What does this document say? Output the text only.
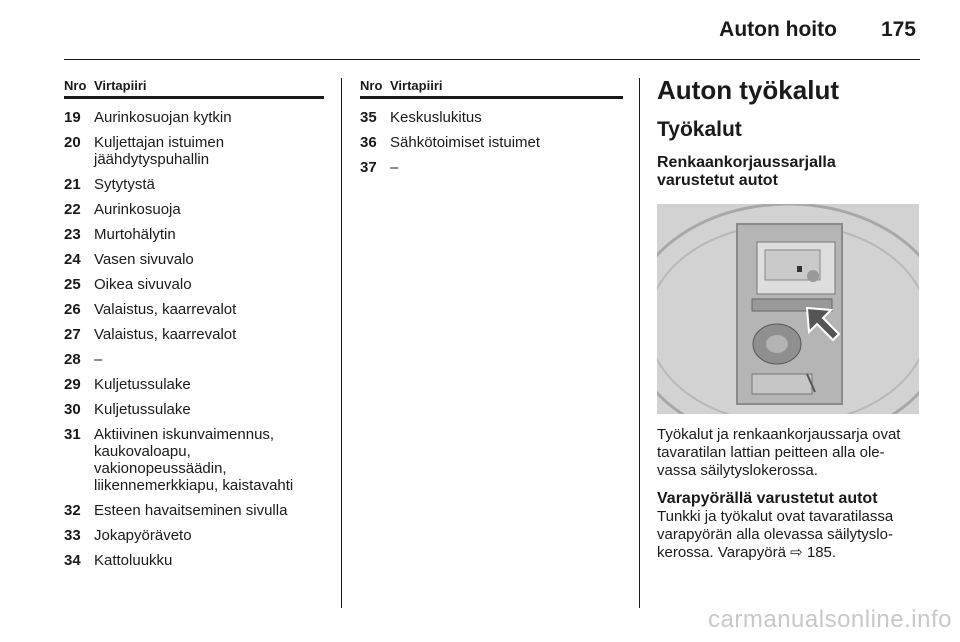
Auton hoito 175
Nro Virtapiiri
19 Aurinkosuojan kytkin
20 Kuljettajan istuimen
jäähdytyspuhallin
21 Sytytystä
22 Aurinkosuoja
23 Murtohälytin
24 Vasen sivuvalo
25 Oikea sivuvalo
26 Valaistus, kaarrevalot
27 Valaistus, kaarrevalot
28 –
29 Kuljetussulake
30 Kuljetussulake
31 Aktiivinen iskunvaimennus,
kaukovaloapu,
vakionopeussäädin,
liikennemerkkiapu, kaistavahti
32 Esteen havaitseminen sivulla
33 Jokapyöräveto
34 Kattoluukku
Nro Virtapiiri
35 Keskuslukitus
36 Sähkötoimiset istuimet
37 –
Auton työkalut
Työkalut
Renkaankorjaussarjalla
varustetut autot
Työkalut ja renkaankorjaussarja ovat
tavaratilan lattian peitteen alla ole-
vassa säilytyslokerossa.
Varapyörällä varustetut autot
Tunkki ja työkalut ovat tavaratilassa
varapyörän alla olevassa säilytyslo-
kerossa. Varapyörä ⇨ 185.
carmanualsonline.info
